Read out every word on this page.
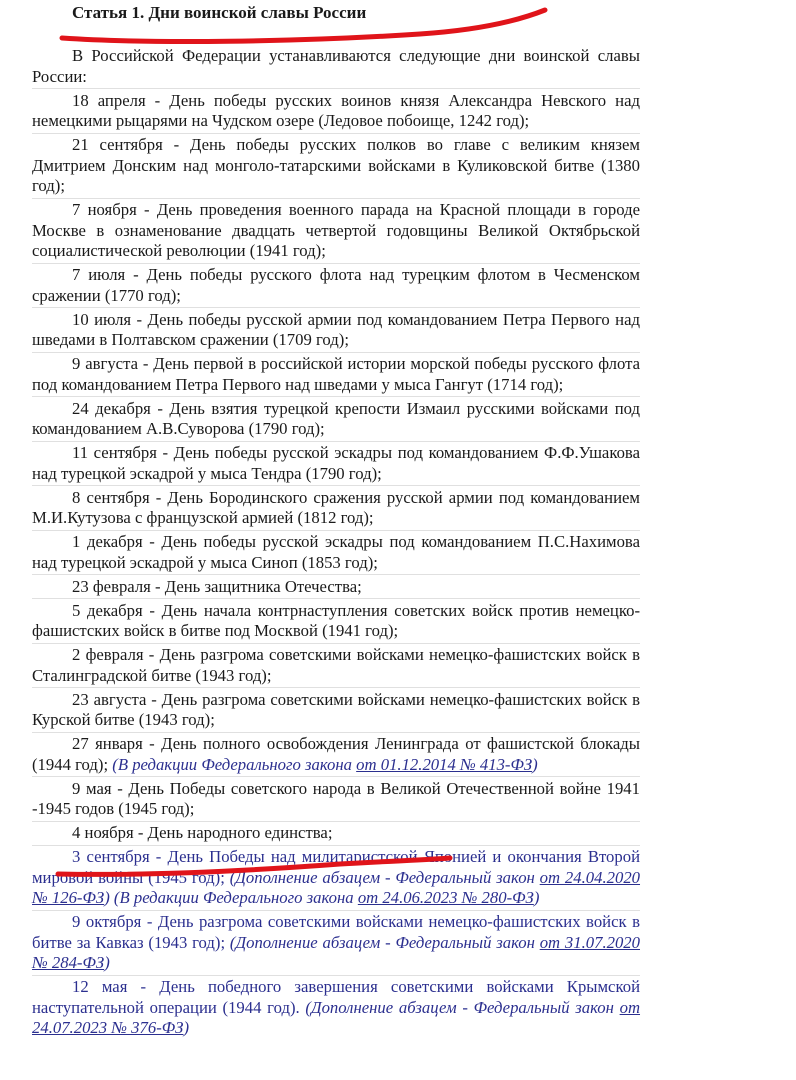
Статья 1. Дни воинской славы России
В Российской Федерации устанавливаются следующие дни воинской славы России:
18 апреля - День победы русских воинов князя Александра Невского над немецкими рыцарями на Чудском озере (Ледовое побоище, 1242 год);
21 сентября - День победы русских полков во главе с великим князем Дмитрием Донским над монголо-татарскими войсками в Куликовской битве (1380 год);
7 ноября - День проведения военного парада на Красной площади в городе Москве в ознаменование двадцать четвертой годовщины Великой Октябрьской социалистической революции (1941 год);
7 июля - День победы русского флота над турецким флотом в Чесменском сражении (1770 год);
10 июля - День победы русской армии под командованием Петра Первого над шведами в Полтавском сражении (1709 год);
9 августа - День первой в российской истории морской победы русского флота под командованием Петра Первого над шведами у мыса Гангут (1714 год);
24 декабря - День взятия турецкой крепости Измаил русскими войсками под командованием А.В.Суворова (1790 год);
11 сентября - День победы русской эскадры под командованием Ф.Ф.Ушакова над турецкой эскадрой у мыса Тендра (1790 год);
8 сентября - День Бородинского сражения русской армии под командованием М.И.Кутузова с французской армией (1812 год);
1 декабря - День победы русской эскадры под командованием П.С.Нахимова над турецкой эскадрой у мыса Синоп (1853 год);
23 февраля - День защитника Отечества;
5 декабря - День начала контрнаступления советских войск против немецко-фашистских войск в битве под Москвой (1941 год);
2 февраля - День разгрома советскими войсками немецко-фашистских войск в Сталинградской битве (1943 год);
23 августа - День разгрома советскими войсками немецко-фашистских войск в Курской битве (1943 год);
27 января - День полного освобождения Ленинграда от фашистской блокады (1944 год); (В редакции Федерального закона от 01.12.2014 № 413-ФЗ)
9 мая - День Победы советского народа в Великой Отечественной войне 1941 -1945 годов (1945 год);
4 ноября - День народного единства;
3 сентября - День Победы над милитаристской Японией и окончания Второй мировой войны (1945 год); (Дополнение абзацем - Федеральный закон от 24.04.2020 № 126-ФЗ) (В редакции Федерального закона от 24.06.2023 № 280-ФЗ)
9 октября - День разгрома советскими войсками немецко-фашистских войск в битве за Кавказ (1943 год); (Дополнение абзацем - Федеральный закон от 31.07.2020 № 284-ФЗ)
12 мая - День победного завершения советскими войсками Крымской наступательной операции (1944 год). (Дополнение абзацем - Федеральный закон от 24.07.2023 № 376-ФЗ)
